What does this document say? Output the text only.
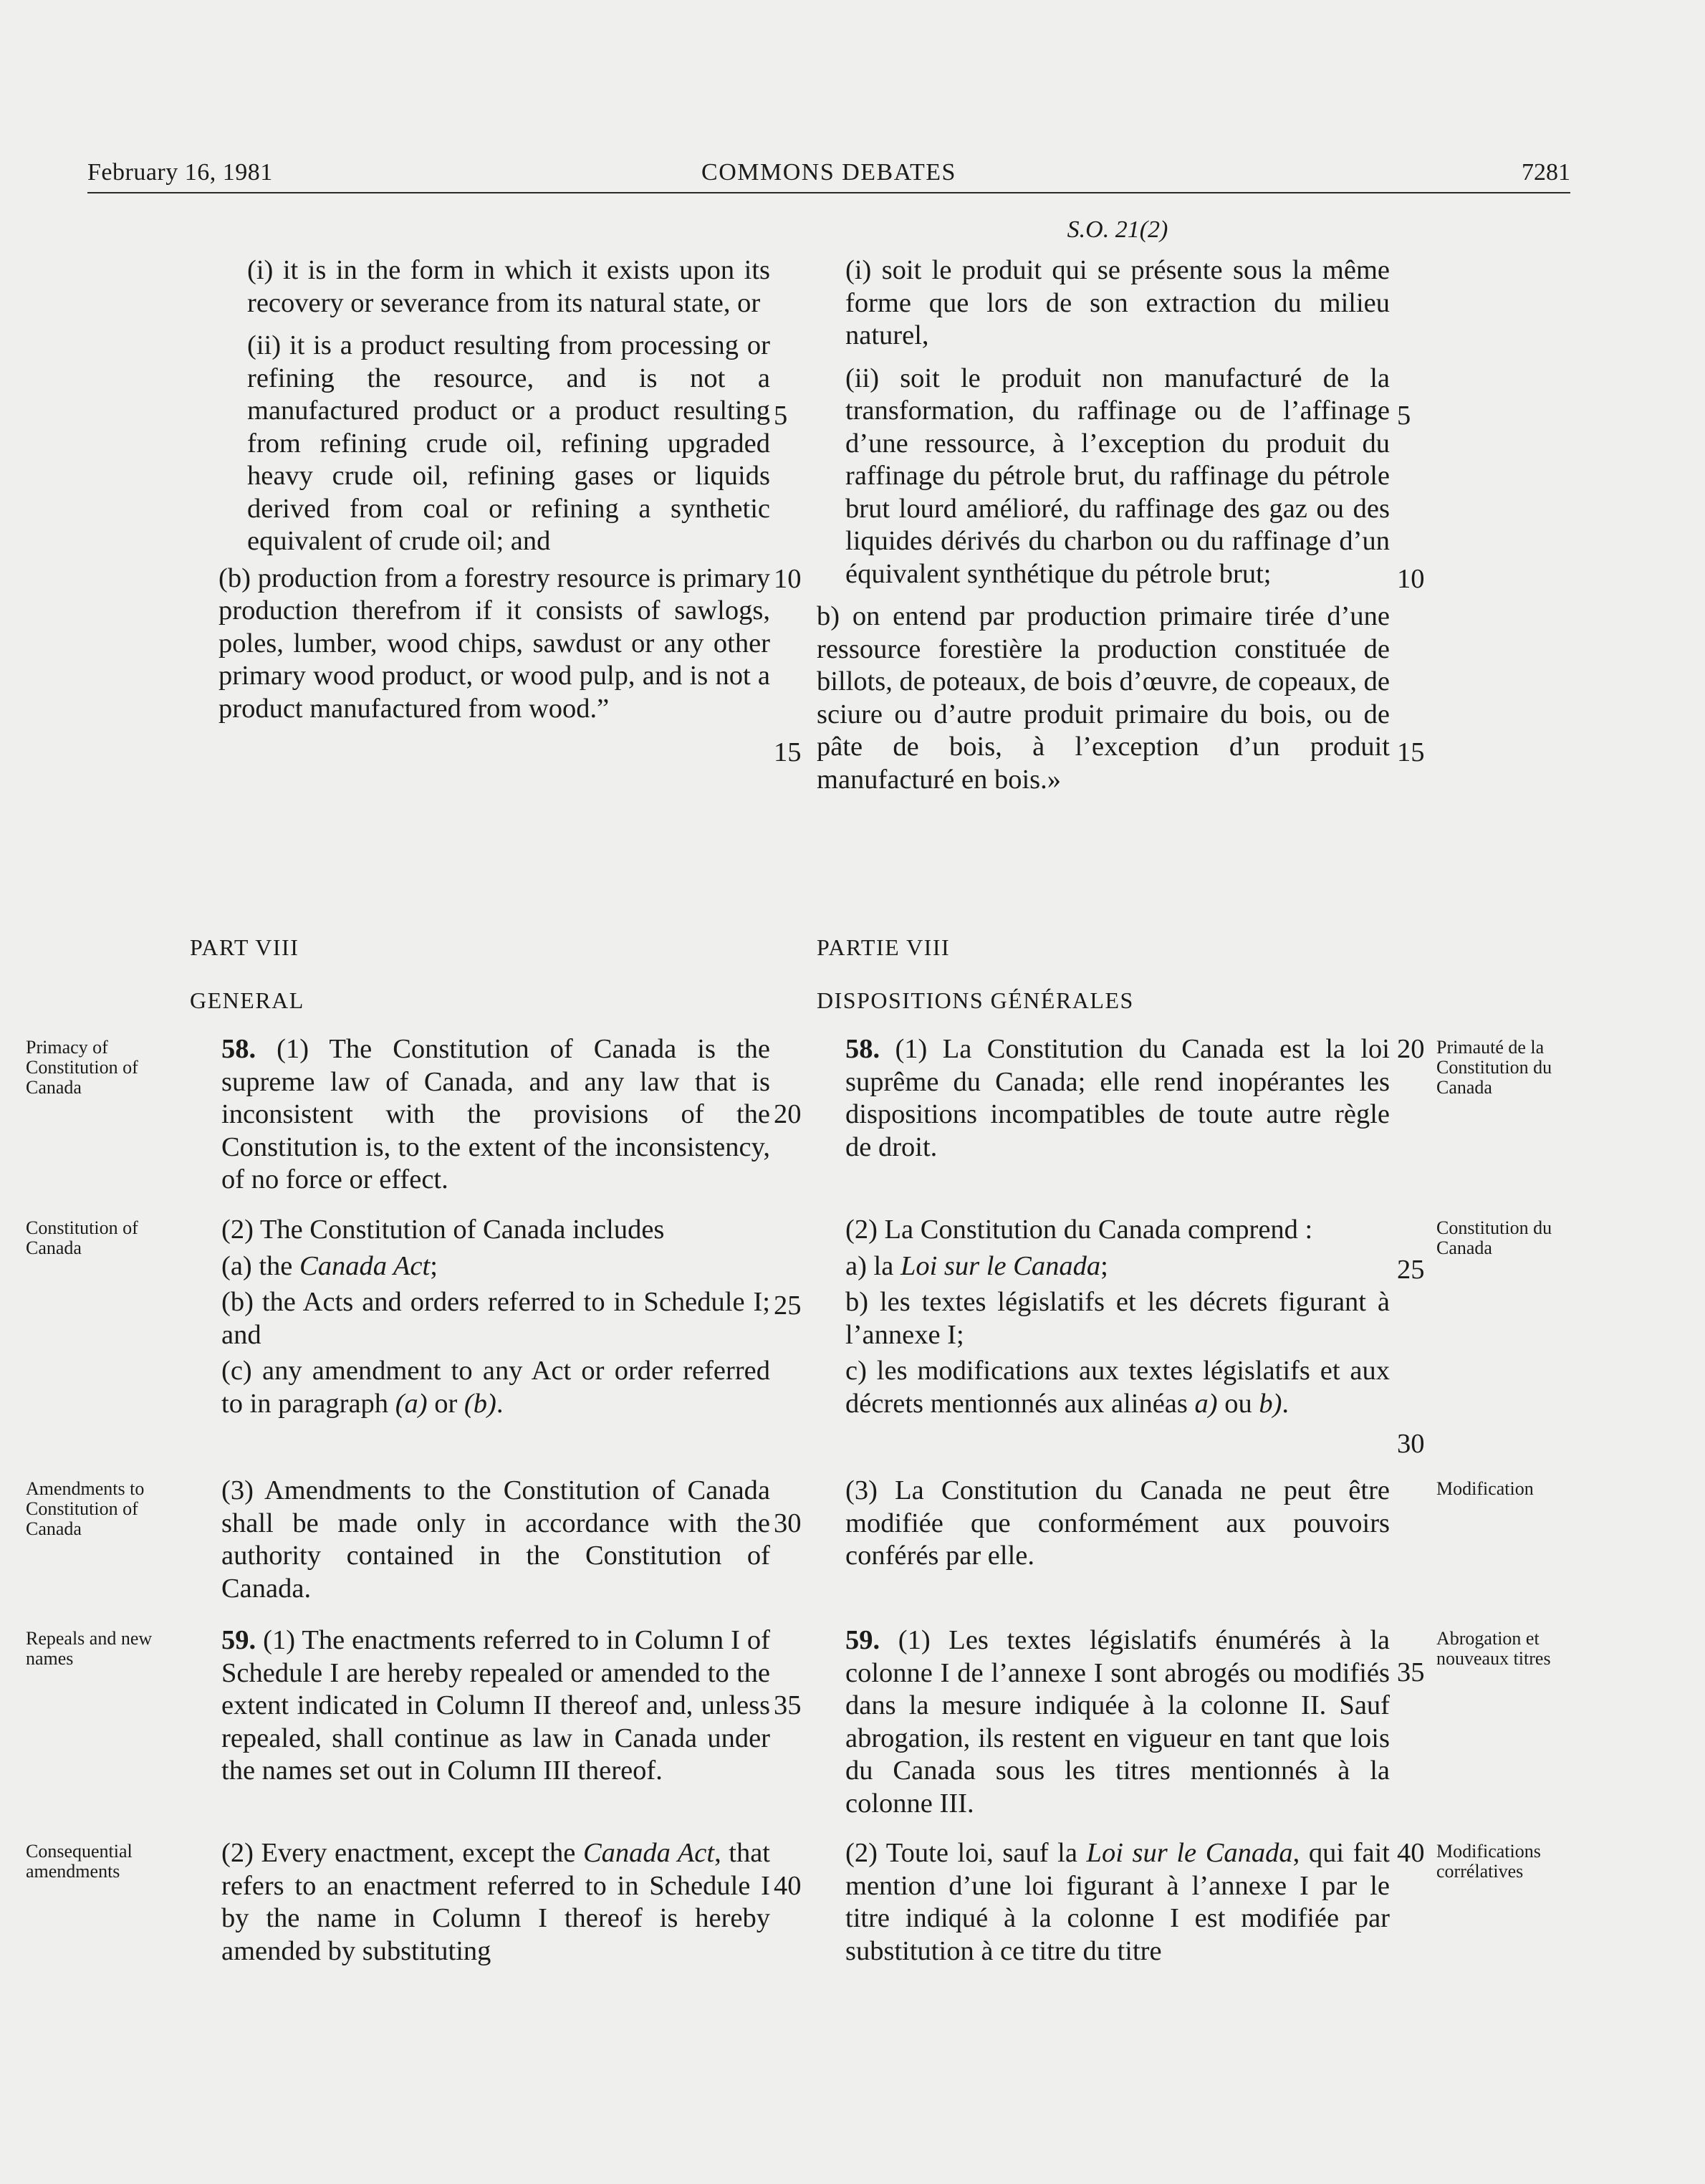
February 16, 1981	COMMONS DEBATES	7281
S.O. 21(2)

(i) it is in the form in which it exists upon its recovery or severance from its natural state, or

(ii) it is a product resulting from processing or refining the resource, and is not a manufactured product or a product resulting from refining crude oil, refining upgraded heavy crude oil, refining gases or liquids derived from coal or refining a synthetic equivalent of crude oil; and

(b) production from a forestry resource is primary production therefrom if it consists of sawlogs, poles, lumber, wood chips, sawdust or any other primary wood product, or wood pulp, and is not a product manufactured from wood.”

(i) soit le produit qui se présente sous la même forme que lors de son extraction du milieu naturel,

(ii) soit le produit non manufacturé de la transformation, du raffinage ou de l’affinage d’une ressource, à l’exception du produit du raffinage du pétrole brut, du raffinage du pétrole brut lourd amélioré, du raffinage des gaz ou des liquides dérivés du charbon ou du raffinage d’un équivalent synthétique du pétrole brut;

b) on entend par production primaire tirée d’une ressource forestière la production constituée de billots, de poteaux, de bois d’œuvre, de copeaux, de sciure ou d’autre produit primaire du bois, ou de pâte de bois, à l’exception d’un produit manufacturé en bois.»

PART VIII

GENERAL

PARTIE VIII

DISPOSITIONS GÉNÉRALES

58. (1) The Constitution of Canada is the supreme law of Canada, and any law that is inconsistent with the provisions of the Constitution is, to the extent of the inconsistency, of no force or effect.

(2) The Constitution of Canada includes

(a) the Canada Act;

(b) the Acts and orders referred to in Schedule I; and

(c) any amendment to any Act or order referred to in paragraph (a) or (b).

(3) Amendments to the Constitution of Canada shall be made only in accordance with the authority contained in the Constitution of Canada.

59. (1) The enactments referred to in Column I of Schedule I are hereby repealed or amended to the extent indicated in Column II thereof and, unless repealed, shall continue as law in Canada under the names set out in Column III thereof.

(2) Every enactment, except the Canada Act, that refers to an enactment referred to in Schedule I by the name in Column I thereof is hereby amended by substituting

58. (1) La Constitution du Canada est la loi suprême du Canada; elle rend inopérantes les dispositions incompatibles de toute autre règle de droit.

(2) La Constitution du Canada comprend :

a) la Loi sur le Canada;

b) les textes législatifs et les décrets figurant à l’annexe I;

c) les modifications aux textes législatifs et aux décrets mentionnés aux alinéas a) ou b).

(3) La Constitution du Canada ne peut être modifiée que conformément aux pouvoirs conférés par elle.

59. (1) Les textes législatifs énumérés à la colonne I de l’annexe I sont abrogés ou modifiés dans la mesure indiquée à la colonne II. Sauf abrogation, ils restent en vigueur en tant que lois du Canada sous les titres mentionnés à la colonne III.

(2) Toute loi, sauf la Loi sur le Canada, qui fait mention d’une loi figurant à l’annexe I par le titre indiqué à la colonne I est modifiée par substitution à ce titre du titre

Primacy of Constitution of Canada
Constitution of Canada
Amendments to Constitution of Canada
Repeals and new names
Consequential amendments
Primauté de la Constitution du Canada
Constitution du Canada
Modification
Abrogation et nouveaux titres
Modifications corrélatives
5
10
15
20
25
30
35
40
5
10
15
20
25
30
35
40
